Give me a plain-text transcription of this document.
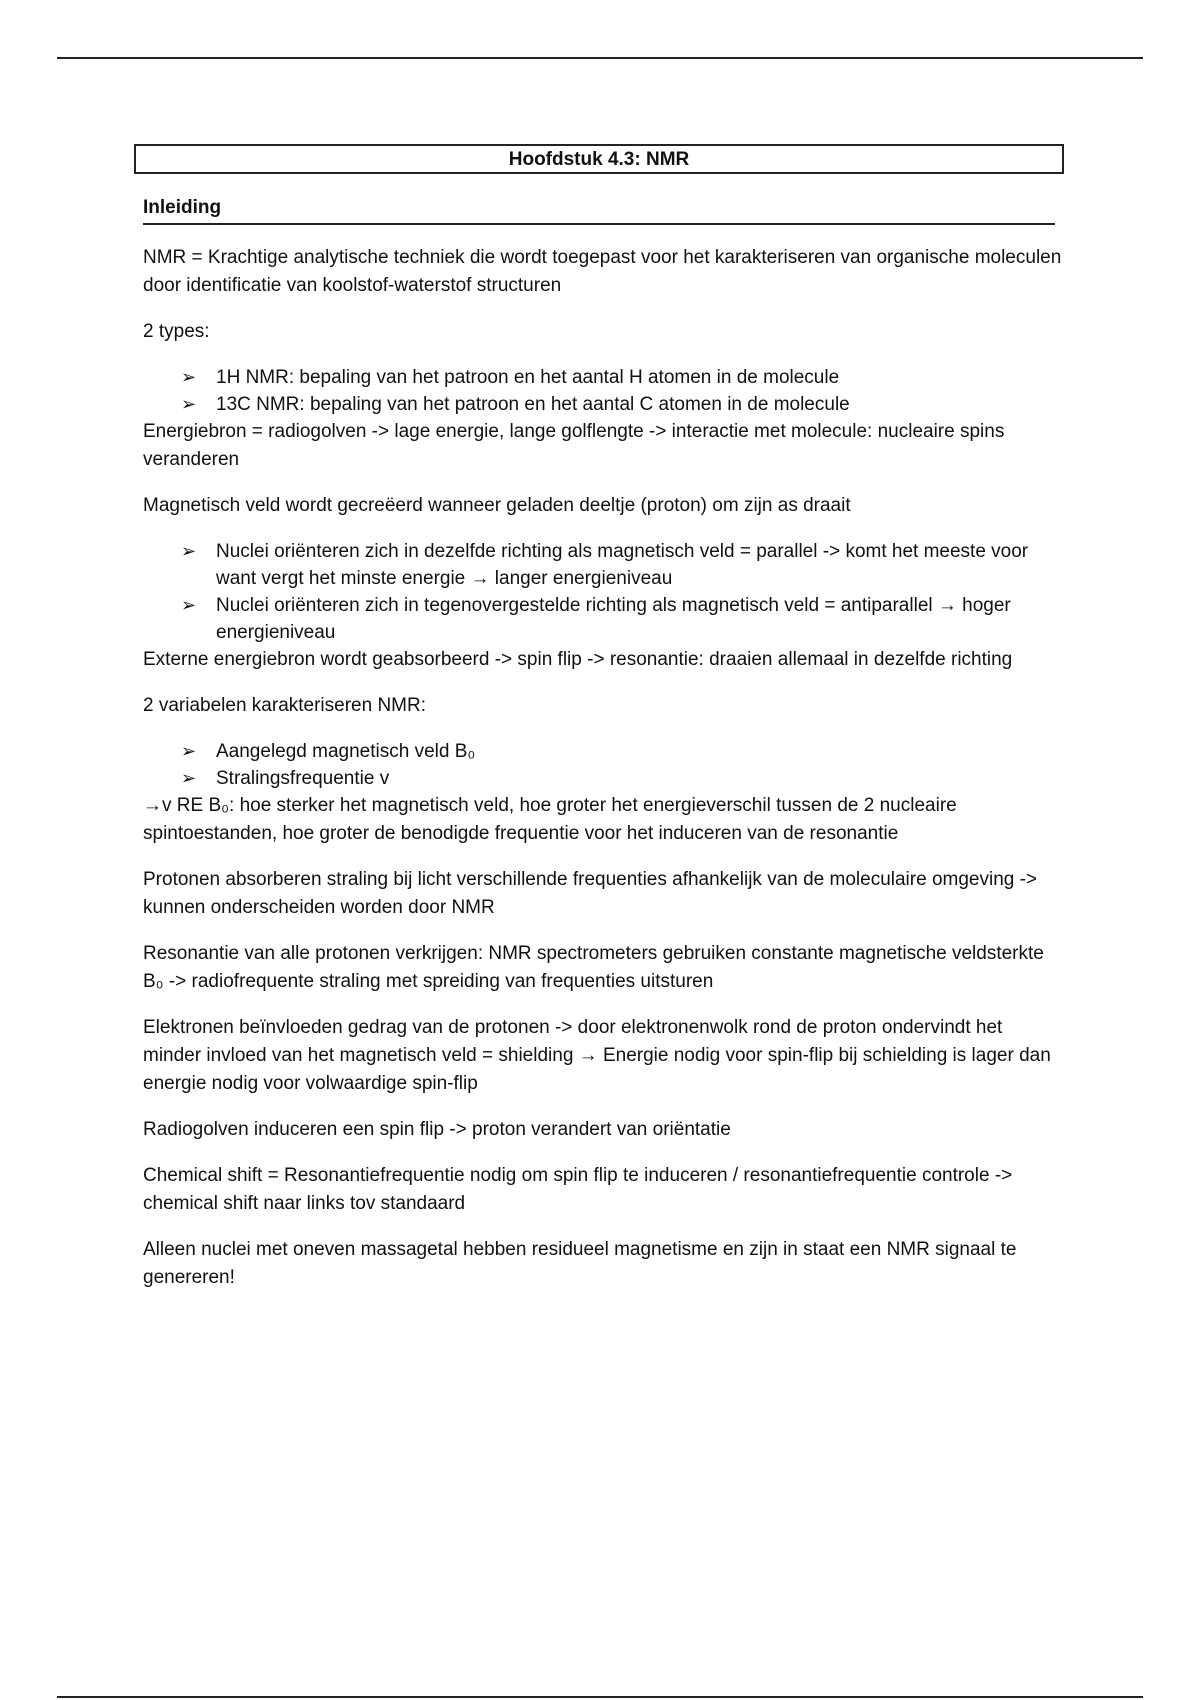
Hoofdstuk 4.3: NMR
Inleiding

NMR = Krachtige analytische techniek die wordt toegepast voor het karakteriseren van organische moleculen door identificatie van koolstof-waterstof structuren

2 types:

➢ 1H NMR: bepaling van het patroon en het aantal H atomen in de molecule
➢ 13C NMR: bepaling van het patroon en het aantal C atomen in de molecule

Energiebron = radiogolven -> lage energie, lange golflengte -> interactie met molecule: nucleaire spins veranderen

Magnetisch veld wordt gecreëerd wanneer geladen deeltje (proton) om zijn as draait

➢ Nuclei oriënteren zich in dezelfde richting als magnetisch veld = parallel -> komt het meeste voor want vergt het minste energie → langer energieniveau
➢ Nuclei oriënteren zich in tegenovergestelde richting als magnetisch veld = antiparallel → hoger energieniveau

Externe energiebron wordt geabsorbeerd -> spin flip -> resonantie: draaien allemaal in dezelfde richting

2 variabelen karakteriseren NMR:

➢ Aangelegd magnetisch veld B₀
➢ Stralingsfrequentie v

→v RE B₀: hoe sterker het magnetisch veld, hoe groter het energieverschil tussen de 2 nucleaire spintoestanden, hoe groter de benodigde frequentie voor het induceren van de resonantie

Protonen absorberen straling bij licht verschillende frequenties afhankelijk van de moleculaire omgeving -> kunnen onderscheiden worden door NMR

Resonantie van alle protonen verkrijgen: NMR spectrometers gebruiken constante magnetische veldsterkte B₀ -> radiofrequente straling met spreiding van frequenties uitsturen

Elektronen beïnvloeden gedrag van de protonen -> door elektronenwolk rond de proton ondervindt het minder invloed van het magnetisch veld = shielding → Energie nodig voor spin-flip bij schielding is lager dan energie nodig voor volwaardige spin-flip

Radiogolven induceren een spin flip -> proton verandert van oriëntatie

Chemical shift = Resonantiefrequentie nodig om spin flip te induceren / resonantiefrequentie controle -> chemical shift naar links tov standaard

Alleen nuclei met oneven massagetal hebben residueel magnetisme en zijn in staat een NMR signaal te genereren!
